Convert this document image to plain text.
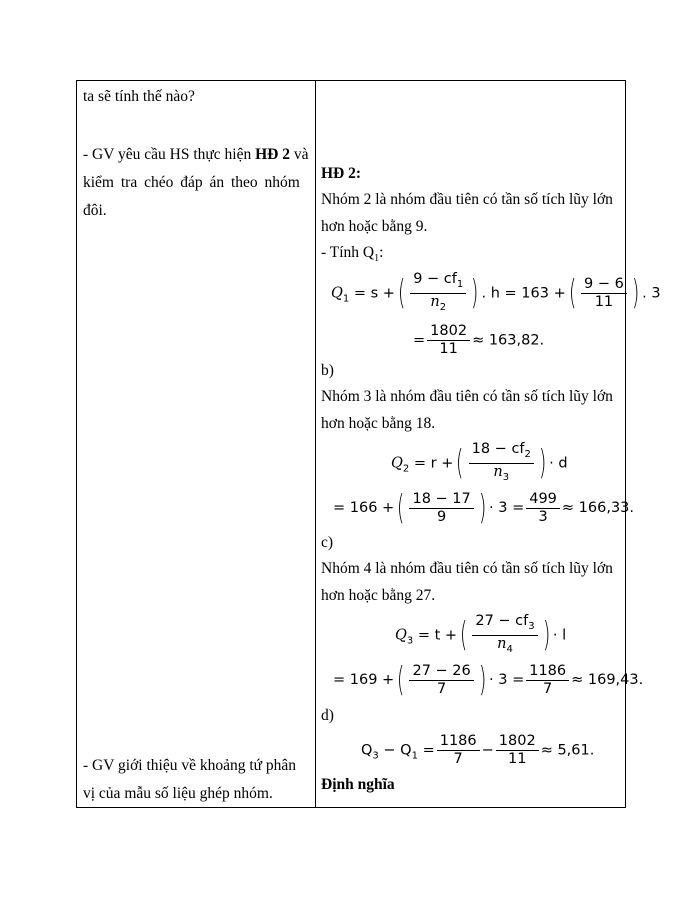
ta sẽ tính thế nào?
- GV yêu cầu HS thực hiện HĐ 2 và
kiểm tra chéo đáp án theo nhóm
đôi.
- GV giới thiệu về khoảng tứ phân
vị của mẫu số liệu ghép nhóm.
HĐ 2:
Nhóm 2 là nhóm đầu tiên có tần số tích lũy lớn
hơn hoặc bằng 9.
- Tính $Q_1$:
$Q_1 = s$ +( $\frac{9 - cf_1}{n_2}$ ) . h = 163 +( $\frac{9 - 6}{11}$ ) . 3
= $\frac{1802}{11} \approx 163,82$.
b)
Nhóm 3 là nhóm đầu tiên có tần số tích lũy lớn
hơn hoặc bằng 18.
$Q_2 = r$ +( $\frac{18 - cf_2}{n_3}$ ) · d
= 166 +( $\frac{18 - 17}{9}$ ) · $3 = \frac{499}{3} \approx 166,33$.
c)
Nhóm 4 là nhóm đầu tiên có tần số tích lũy lớn
hơn hoặc bằng 27.
$Q_3 = t$ +( $\frac{27 - cf_3}{n_4}$ ) · l
= 169 +( $\frac{27 - 26}{7}$ ) · $3 = \frac{1186}{7} \approx 169,43$.
d)
$Q_3 - Q_1 = \frac{1186}{7} - \frac{1802}{11} \approx 5,61$.
Định nghĩa
